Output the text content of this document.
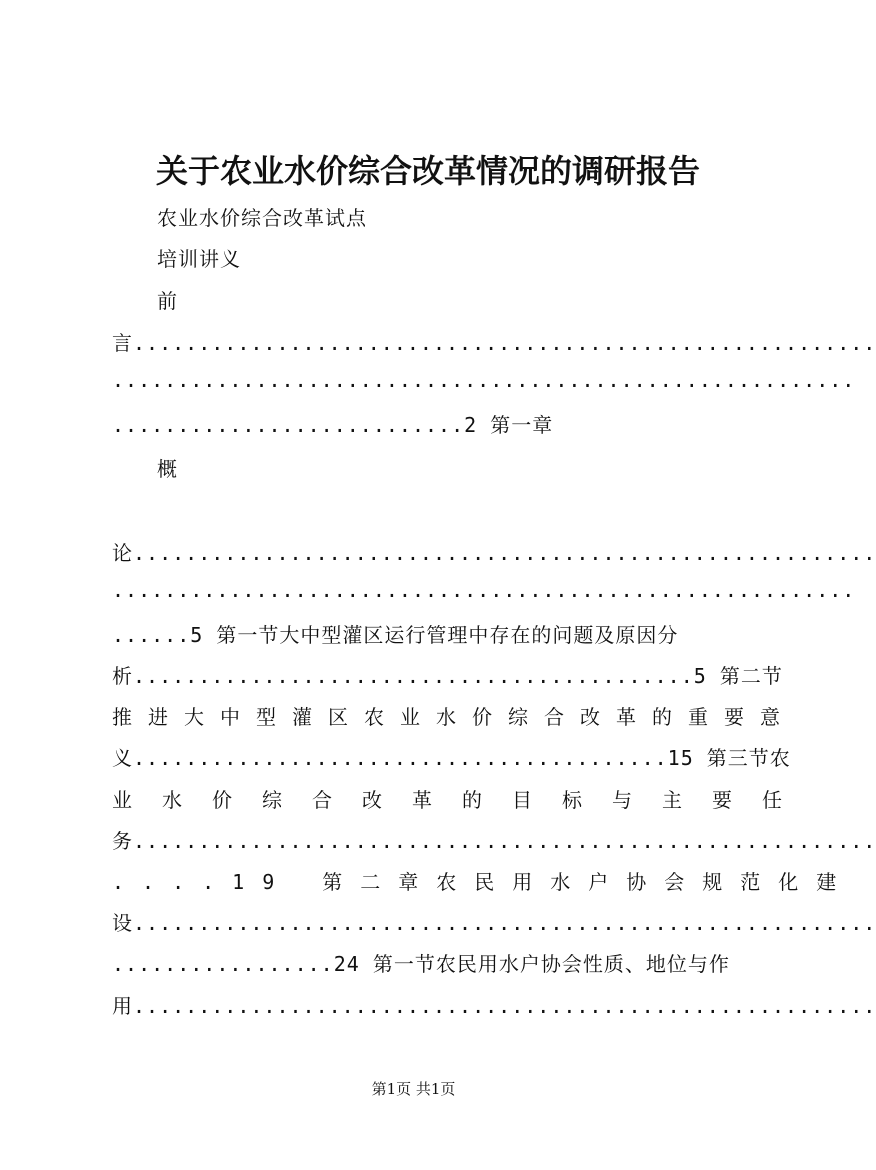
关于农业水价综合改革情况的调研报告
农业水价综合改革试点
培训讲义
前
言.........................................................
.........................................................
...........................2 第一章
概
论.........................................................
.........................................................
......5 第一节大中型灌区运行管理中存在的问题及原因分
析...........................................5 第二节
推进大中型灌区农业水价综合改革的重要意
义.........................................15 第三节农
业水价综合改革的目标与主要任
务.........................................................
....19 第二章农民用水户协会规范化建
设.........................................................
.................24 第一节农民用水户协会性质、地位与作
用.........................................................
第1页 共1页
